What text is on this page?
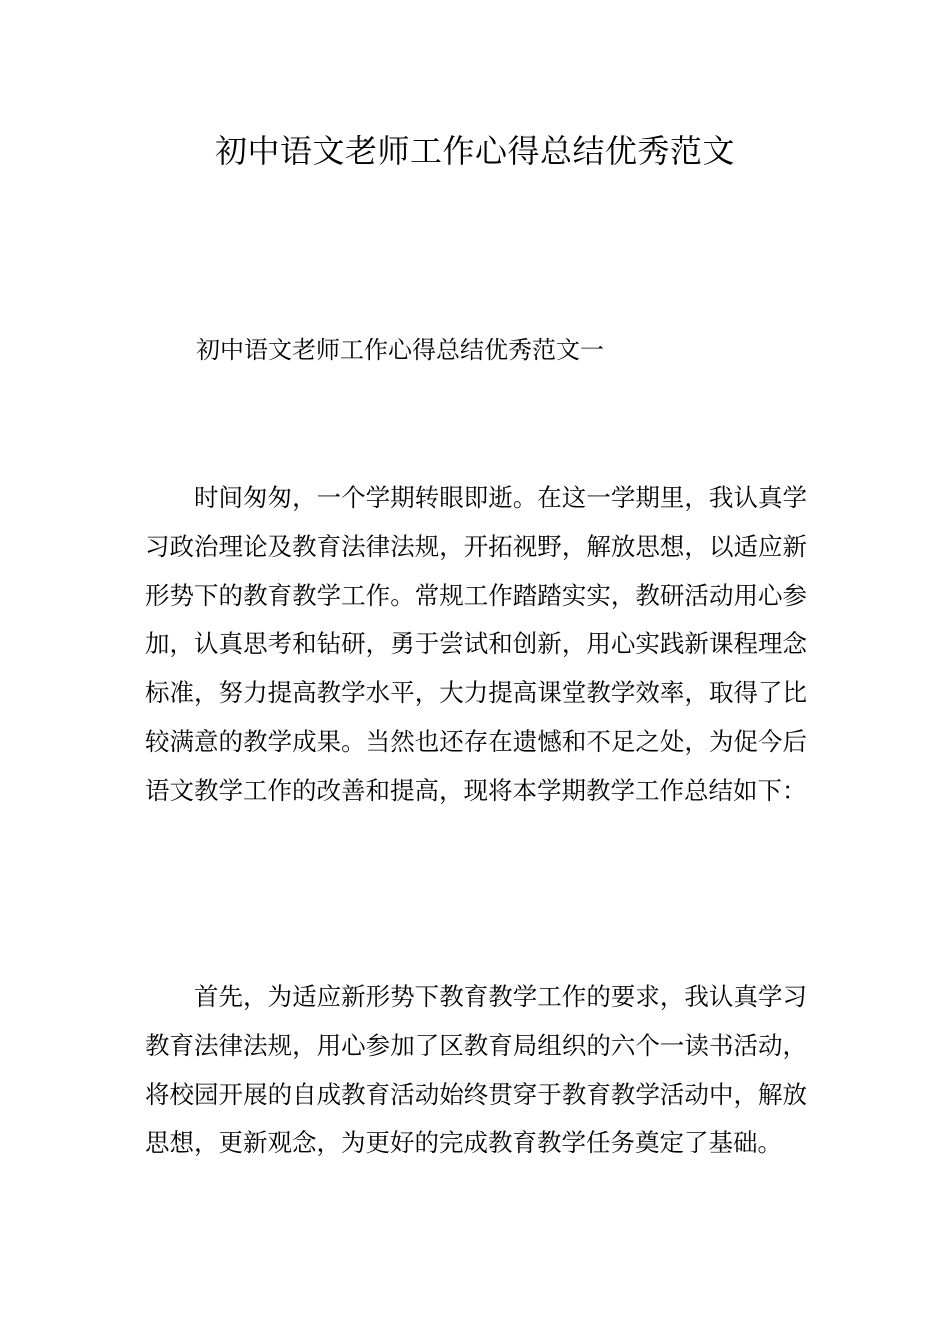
初中语文老师工作心得总结优秀范文

初中语文老师工作心得总结优秀范文一

时间匆匆，一个学期转眼即逝。在这一学期里，我认真学习政治理论及教育法律法规，开拓视野，解放思想，以适应新形势下的教育教学工作。常规工作踏踏实实，教研活动用心参加，认真思考和钻研，勇于尝试和创新，用心实践新课程理念标准，努力提高教学水平，大力提高课堂教学效率，取得了比较满意的教学成果。当然也还存在遗憾和不足之处，为促今后语文教学工作的改善和提高，现将本学期教学工作总结如下：

首先，为适应新形势下教育教学工作的要求，我认真学习教育法律法规，用心参加了区教育局组织的六个一读书活动，将校园开展的自成教育活动始终贯穿于教育教学活动中，解放思想，更新观念，为更好的完成教育教学任务奠定了基础。
